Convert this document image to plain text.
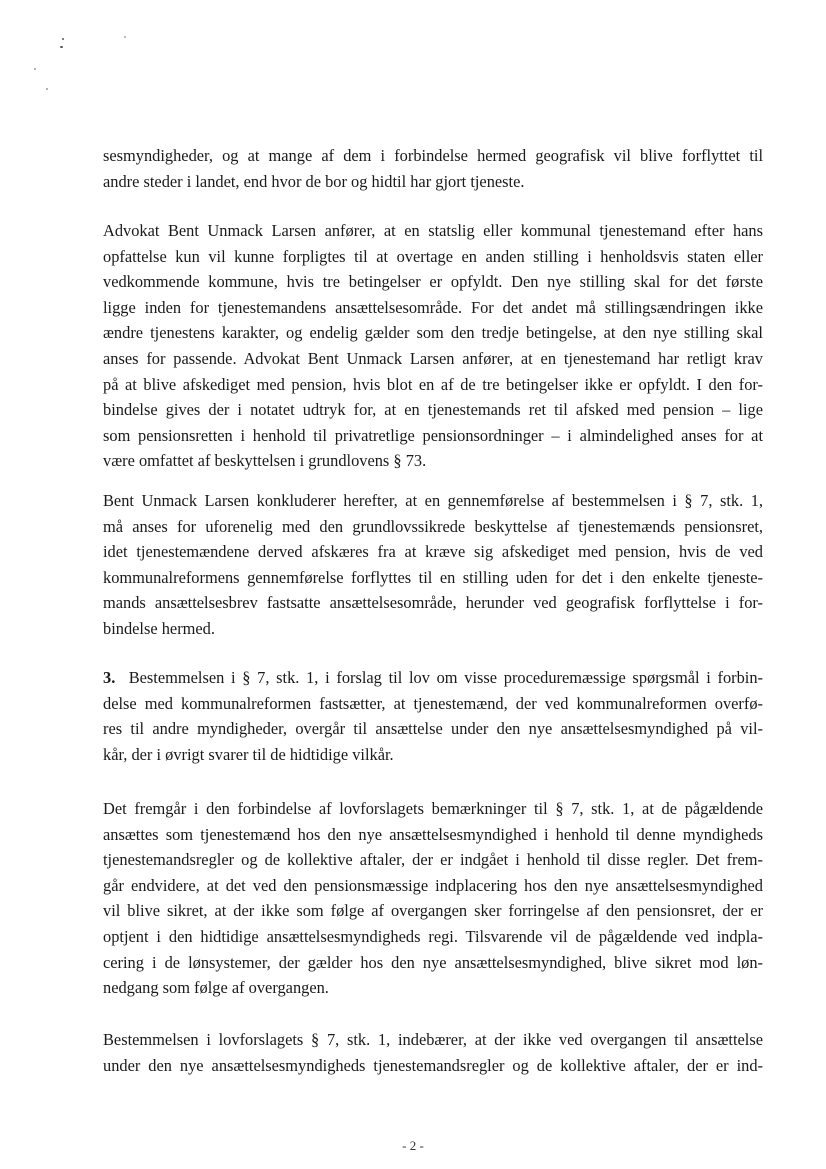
sesmyndigheder, og at mange af dem i forbindelse hermed geografisk vil blive forflyttet til
andre steder i landet, end hvor de bor og hidtil har gjort tjeneste.

Advokat Bent Unmack Larsen anfører, at en statslig eller kommunal tjenestemand efter hans
opfattelse kun vil kunne forpligtes til at overtage en anden stilling i henholdsvis staten eller
vedkommende kommune, hvis tre betingelser er opfyldt. Den nye stilling skal for det første
ligge inden for tjenestemandens ansættelsesområde. For det andet må stillingsændringen ikke
ændre tjenestens karakter, og endelig gælder som den tredje betingelse, at den nye stilling skal
anses for passende. Advokat Bent Unmack Larsen anfører, at en tjenestemand har retligt krav
på at blive afskediget med pension, hvis blot en af de tre betingelser ikke er opfyldt. I den for-
bindelse gives der i notatet udtryk for, at en tjenestemands ret til afsked med pension – lige
som pensionsretten i henhold til privatretlige pensionsordninger – i almindelighed anses for at
være omfattet af beskyttelsen i grundlovens § 73.

Bent Unmack Larsen konkluderer herefter, at en gennemførelse af bestemmelsen i § 7, stk. 1,
må anses for uforenelig med den grundlovssikrede beskyttelse af tjenestemænds pensionsret,
idet tjenestemændene derved afskæres fra at kræve sig afskediget med pension, hvis de ved
kommunalreformens gennemførelse forflyttes til en stilling uden for det i den enkelte tjeneste-
mands ansættelsesbrev fastsatte ansættelsesområde, herunder ved geografisk forflyttelse i for-
bindelse hermed.

3. Bestemmelsen i § 7, stk. 1, i forslag til lov om visse proceduremæssige spørgsmål i forbin-
delse med kommunalreformen fastsætter, at tjenestemænd, der ved kommunalreformen overfø-
res til andre myndigheder, overgår til ansættelse under den nye ansættelsesmyndighed på vil-
kår, der i øvrigt svarer til de hidtidige vilkår.

Det fremgår i den forbindelse af lovforslagets bemærkninger til § 7, stk. 1, at de pågældende
ansættes som tjenestemænd hos den nye ansættelsesmyndighed i henhold til denne myndigheds
tjenestemandsregler og de kollektive aftaler, der er indgået i henhold til disse regler. Det frem-
går endvidere, at det ved den pensionsmæssige indplacering hos den nye ansættelsesmyndighed
vil blive sikret, at der ikke som følge af overgangen sker forringelse af den pensionsret, der er
optjent i den hidtidige ansættelsesmyndigheds regi. Tilsvarende vil de pågældende ved indpla-
cering i de lønsystemer, der gælder hos den nye ansættelsesmyndighed, blive sikret mod løn-
nedgang som følge af overgangen.

Bestemmelsen i lovforslagets § 7, stk. 1, indebærer, at der ikke ved overgangen til ansættelse
under den nye ansættelsesmyndigheds tjenestemandsregler og de kollektive aftaler, der er ind-

- 2 -
